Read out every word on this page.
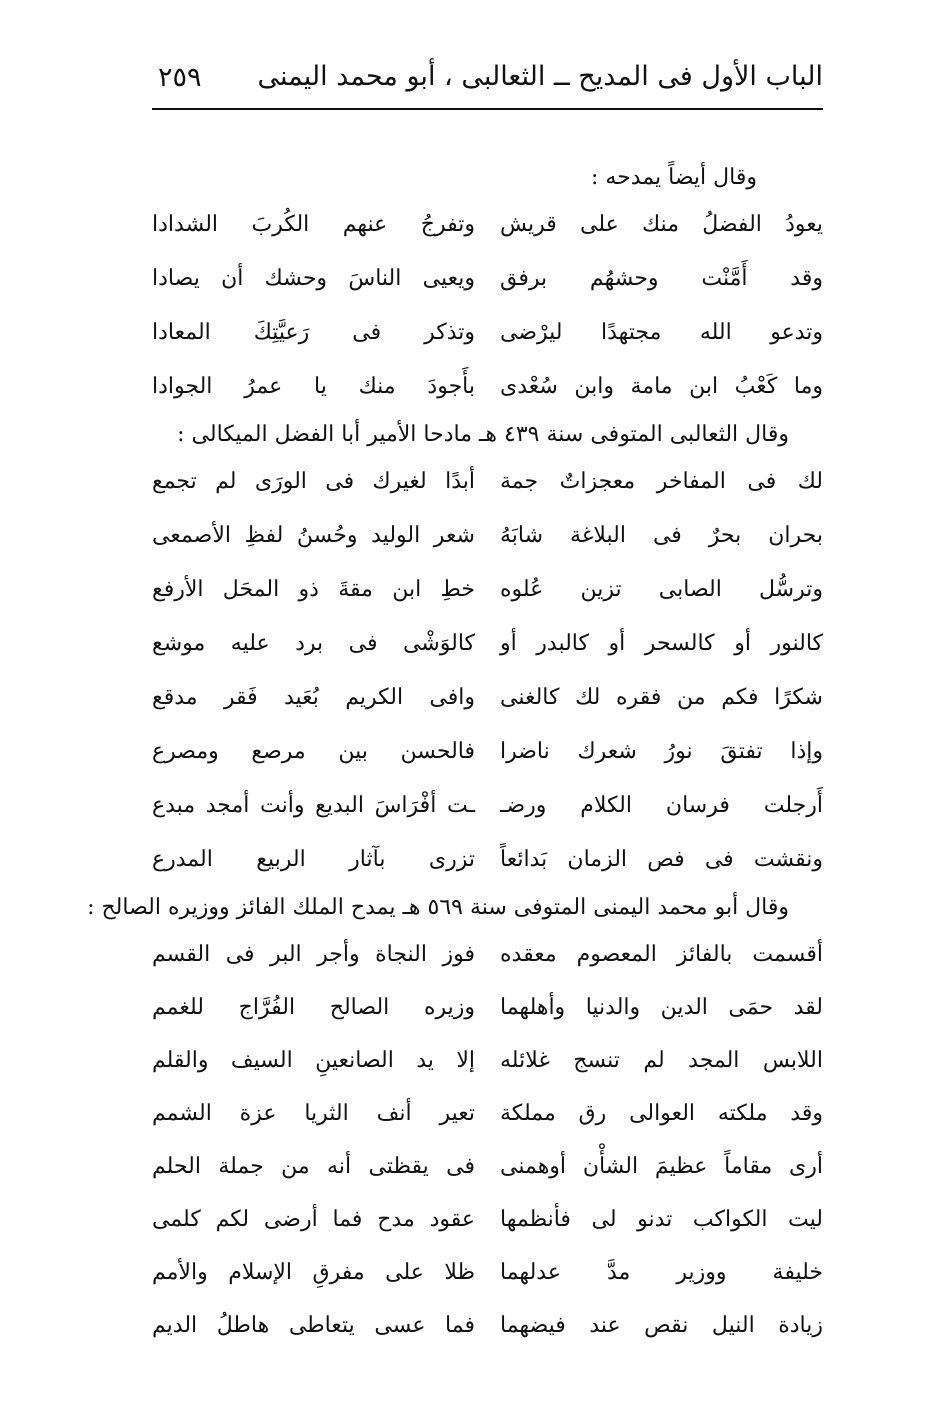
الباب الأول فى المديح ــ الثعالبى ، أبو محمد اليمنى
٢٥٩
وقال أيضاً يمدحه :
يعودُ الفضلُ منك على قريش
وتفرجُ عنهم الكُربَ الشدادا
وقد أَمَّنْت وحشهُم برفق
ويعيى الناسَ وحشك أن يصادا
وتدعو الله مجتهدًا ليرْضى
وتذكر فى رَعيَّتِكَ المعادا
وما كَعْبُ ابن مامة وابن سُعْدى
بأَجودَ منك يا عمرُ الجوادا
وقال الثعالبى المتوفى سنة ٤٣٩ هـ مادحا الأمير أبا الفضل الميكالى :
لك فى المفاخر معجزاتٌ جمة
أبدًا لغيرك فى الورَى لم تجمع
بحران بحرٌ فى البلاغة شابَهُ
شعر الوليد وحُسنُ لفظِ الأصمعى
وترسُّل الصابى تزين عُلوه
خطِ ابن مقةَ ذو المحَل الأرفع
كالنور أو كالسحر أو كالبدر أو
كالوَشْى فى برد عليه موشع
شكرًا فكم من فقره لك كالغنى
وافى الكريم بُعَيد فَقر مدقع
وإذا تفتقَ نورُ شعرك ناضرا
فالحسن بين مرصع ومصرع
أَرجلت فرسان الكلام ورضـ
ـت أفْرَاسَ البديع وأنت أمجد مبدع
ونقشت فى فص الزمان بَدائعاً
تزرى بآثار الربيع المدرع
وقال أبو محمد اليمنى المتوفى سنة ٥٦٩ هـ يمدح الملك الفائز ووزيره الصالح :
أقسمت بالفائز المعصوم معقده
فوز النجاة وأجر البر فى القسم
لقد حمَى الدين والدنيا وأهلهما
وزيره الصالح الفُرَّاج للغمم
اللابس المجد لم تنسج غلائله
إلا يد الصانعينِ السيف والقلم
وقد ملكته العوالى رق مملكة
تعير أنف الثريا عزة الشمم
أرى مقاماً عظيمَ الشأْن أوهمنى
فى يقظتى أنه من جملة الحلم
ليت الكواكب تدنو لى فأنظمها
عقود مدح فما أرضى لكم كلمى
خليفة ووزير مدَّ عدلهما
ظلا على مفرقِ الإسلام والأمم
زيادة النيل نقص عند فيضهما
فما عسى يتعاطى هاطلُ الديم
